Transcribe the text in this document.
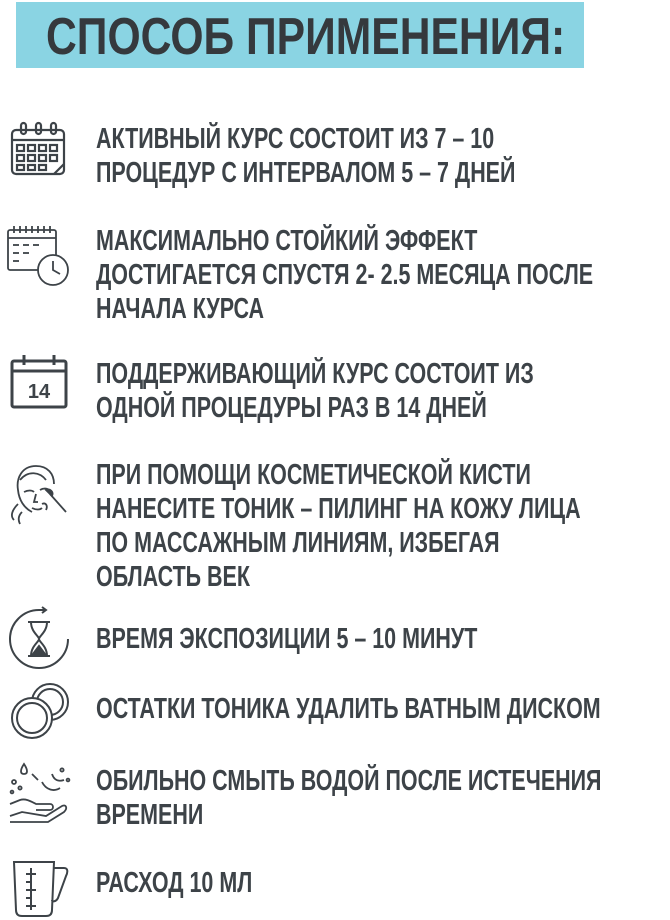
СПОСОБ ПРИМЕНЕНИЯ:
АКТИВНЫЙ КУРС СОСТОИТ ИЗ 7 – 10
ПРОЦЕДУР С ИНТЕРВАЛОМ 5 – 7 ДНЕЙ
МАКСИМАЛЬНО СТОЙКИЙ ЭФФЕКТ
ДОСТИГАЕТСЯ СПУСТЯ 2- 2.5 МЕСЯЦА ПОСЛЕ
НАЧАЛА КУРСА
14
ПОДДЕРЖИВАЮЩИЙ КУРС СОСТОИТ ИЗ
ОДНОЙ ПРОЦЕДУРЫ РАЗ В 14 ДНЕЙ
ПРИ ПОМОЩИ КОСМЕТИЧЕСКОЙ КИСТИ
НАНЕСИТЕ ТОНИК – ПИЛИНГ НА КОЖУ ЛИЦА
ПО МАССАЖНЫМ ЛИНИЯМ, ИЗБЕГАЯ
ОБЛАСТЬ ВЕК
ВРЕМЯ ЭКСПОЗИЦИИ 5 – 10 МИНУТ
ОСТАТКИ ТОНИКА УДАЛИТЬ ВАТНЫМ ДИСКОМ
ОБИЛЬНО СМЫТЬ ВОДОЙ ПОСЛЕ ИСТЕЧЕНИЯ
ВРЕМЕНИ
РАСХОД 10 МЛ
